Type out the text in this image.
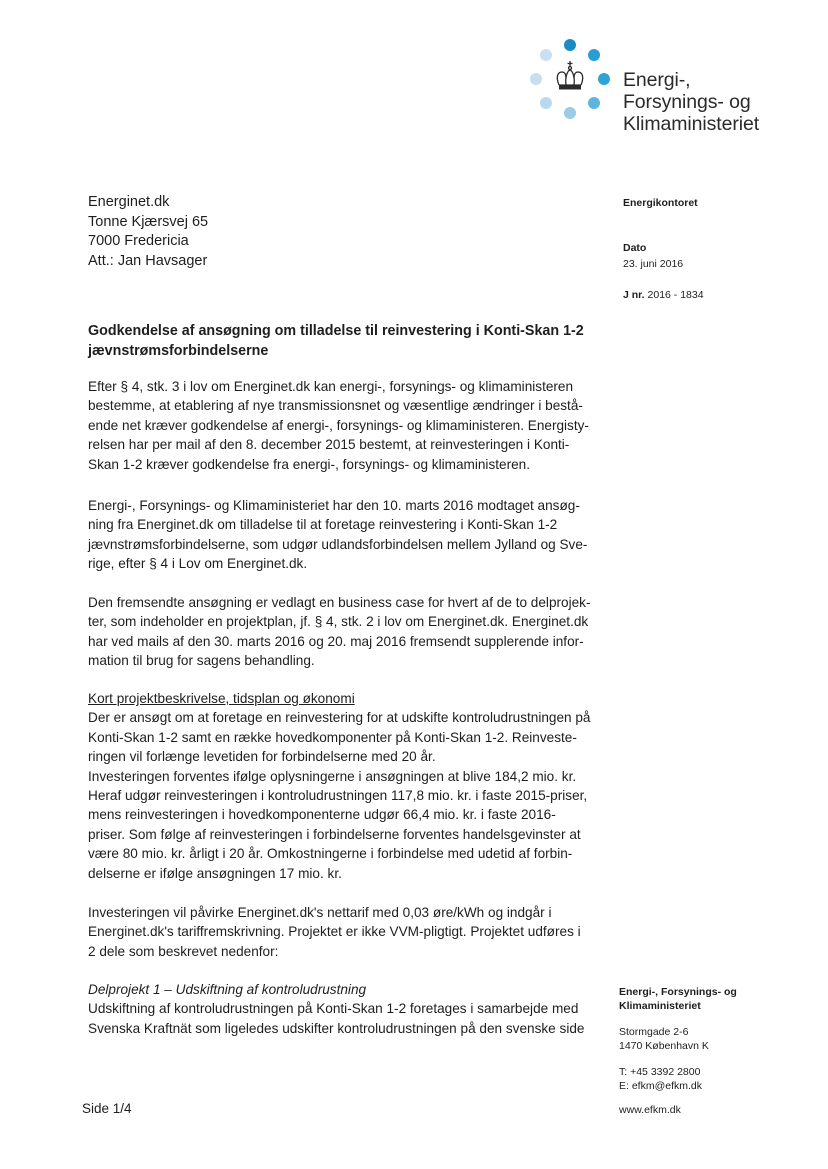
Energi-,
Forsynings- og
Klimaministeriet
Energinet.dk
Tonne Kjærsvej 65
7000 Fredericia
Att.: Jan Havsager
Energikontoret
Dato
23. juni 2016
J nr. 2016 - 1834
Godkendelse af ansøgning om tilladelse til reinvestering i Konti-Skan 1-2
jævnstrømsforbindelserne
Efter § 4, stk. 3 i lov om Energinet.dk kan energi-, forsynings- og klimaministeren
bestemme, at etablering af nye transmissionsnet og væsentlige ændringer i bestå-
ende net kræver godkendelse af energi-, forsynings- og klimaministeren. Energisty-
relsen har per mail af den 8. december 2015 bestemt, at reinvesteringen i Konti-
Skan 1-2 kræver godkendelse fra energi-, forsynings- og klimaministeren.
Energi-, Forsynings- og Klimaministeriet har den 10. marts 2016 modtaget ansøg-
ning fra Energinet.dk om tilladelse til at foretage reinvestering i Konti-Skan 1-2
jævnstrømsforbindelserne, som udgør udlandsforbindelsen mellem Jylland og Sve-
rige, efter § 4 i Lov om Energinet.dk.
Den fremsendte ansøgning er vedlagt en business case for hvert af de to delprojek-
ter, som indeholder en projektplan, jf. § 4, stk. 2 i lov om Energinet.dk. Energinet.dk
har ved mails af den 30. marts 2016 og 20. maj 2016 fremsendt supplerende infor-
mation til brug for sagens behandling.
Kort projektbeskrivelse, tidsplan og økonomi
Der er ansøgt om at foretage en reinvestering for at udskifte kontroludrustningen på
Konti-Skan 1-2 samt en række hovedkomponenter på Konti-Skan 1-2. Reinveste-
ringen vil forlænge levetiden for forbindelserne med 20 år.
Investeringen forventes ifølge oplysningerne i ansøgningen at blive 184,2 mio. kr.
Heraf udgør reinvesteringen i kontroludrustningen 117,8 mio. kr. i faste 2015-priser,
mens reinvesteringen i hovedkomponenterne udgør 66,4 mio. kr. i faste 2016-
priser. Som følge af reinvesteringen i forbindelserne forventes handelsgevinster at
være 80 mio. kr. årligt i 20 år. Omkostningerne i forbindelse med udetid af forbin-
delserne er ifølge ansøgningen 17 mio. kr.
Investeringen vil påvirke Energinet.dk's nettarif med 0,03 øre/kWh og indgår i
Energinet.dk's tariffremskrivning. Projektet er ikke VVM-pligtigt. Projektet udføres i
2 dele som beskrevet nedenfor:
Delprojekt 1 – Udskiftning af kontroludrustning
Udskiftning af kontroludrustningen på Konti-Skan 1-2 foretages i samarbejde med
Svenska Kraftnät som ligeledes udskifter kontroludrustningen på den svenske side
Energi-, Forsynings- og
Klimaministeriet
Stormgade 2-6
1470 København K
T: +45 3392 2800
E: efkm@efkm.dk
www.efkm.dk
Side 1/4
